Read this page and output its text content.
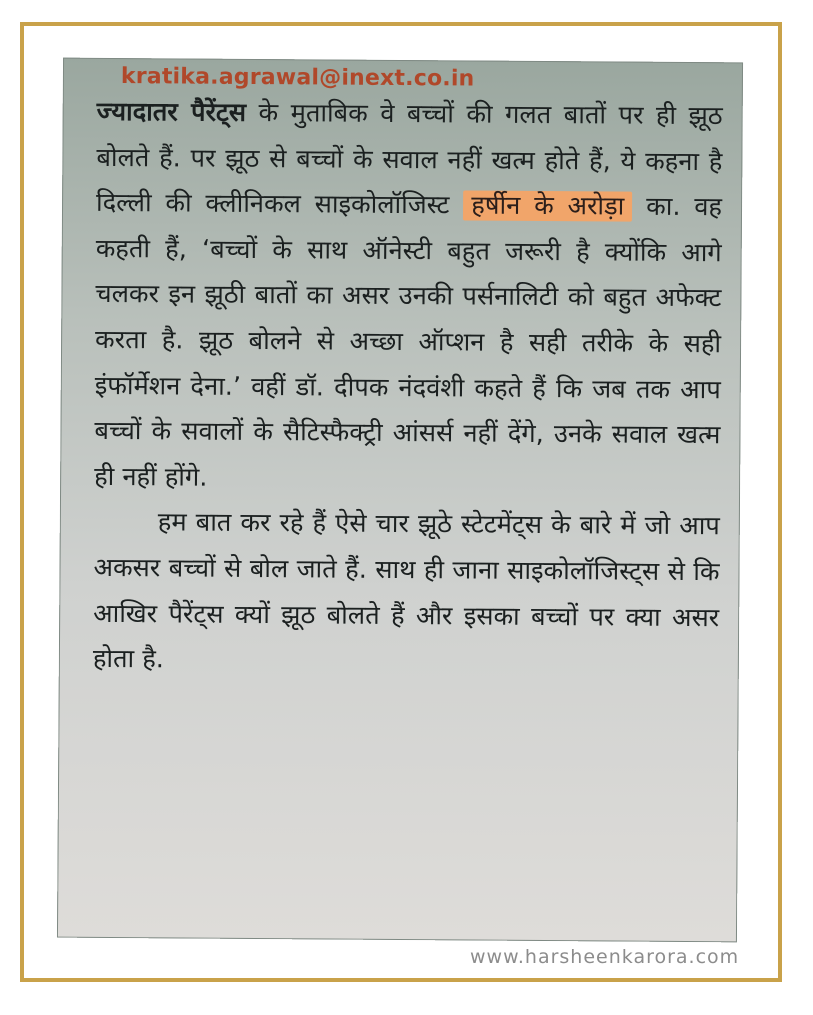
kratika.agrawal@inext.co.in

ज्यादातर पैरेंट्स के मुताबिक वे बच्चों की गलत बातों पर ही झूठ बोलते हैं. पर झूठ से बच्चों के सवाल नहीं खत्म होते हैं, ये कहना है दिल्ली की क्लीनिकल साइकोलॉजिस्ट हर्षीन के अरोड़ा का. वह कहती हैं, ‘बच्चों के साथ ऑनेस्टी बहुत जरूरी है क्योंकि आगे चलकर इन झूठी बातों का असर उनकी पर्सनालिटी को बहुत अफेक्ट करता है. झूठ बोलने से अच्छा ऑप्शन है सही तरीके के सही इंफॉर्मेशन देना.’ वहीं डॉ. दीपक नंदवंशी कहते हैं कि जब तक आप बच्चों के सवालों के सैटिस्फैक्ट्री आंसर्स नहीं देंगे, उनके सवाल खत्म ही नहीं होंगे.

हम बात कर रहे हैं ऐसे चार झूठे स्टेटमेंट्स के बारे में जो आप अकसर बच्चों से बोल जाते हैं. साथ ही जाना साइकोलॉजिस्ट्स से कि आखिर पैरेंट्स क्यों झूठ बोलते हैं और इसका बच्चों पर क्या असर होता है.

www.harsheenkarora.com
